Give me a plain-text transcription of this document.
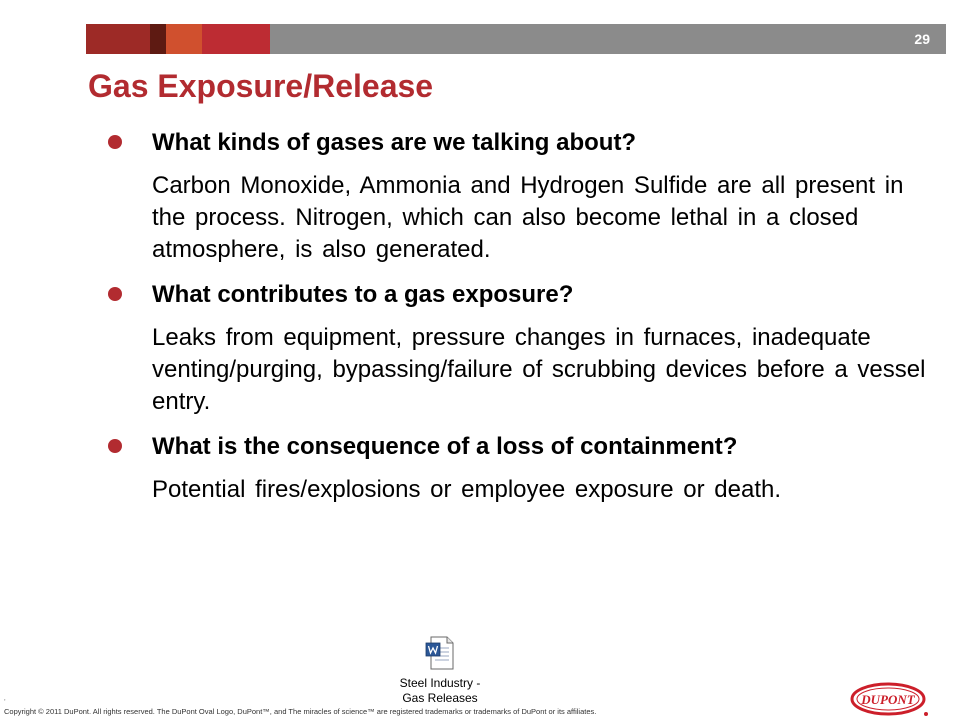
29
Gas Exposure/Release
What kinds of gases are we talking about?

Carbon Monoxide, Ammonia and Hydrogen Sulfide are all present in the process. Nitrogen, which can also become lethal in a closed atmosphere, is also generated.

What contributes to a gas exposure?

Leaks from equipment, pressure changes in furnaces, inadequate venting/purging, bypassing/failure of scrubbing devices before a vessel entry.

What is the consequence of a loss of containment?

Potential fires/explosions or employee exposure or death.

Steel Industry -
Gas Releases
,
Copyright © 2011 DuPont. All rights reserved. The DuPont Oval Logo, DuPont™, and The miracles of science™ are registered trademarks or trademarks of DuPont or its affiliates.
DUPONT
